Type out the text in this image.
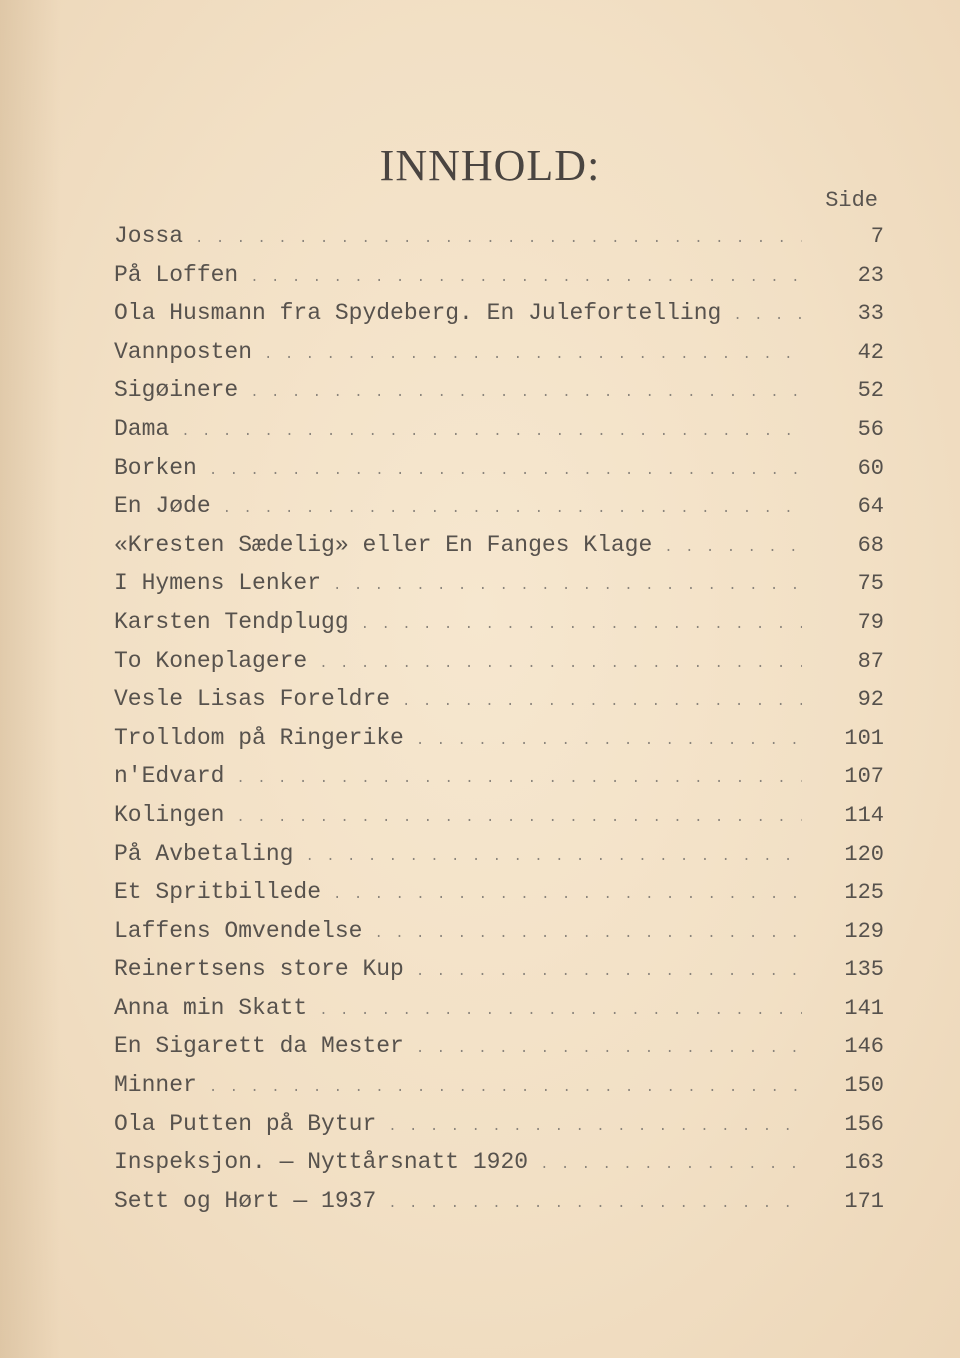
INNHOLD:
Side
Jossa . . .	7
På Loffen . . .	23
Ola Husmann fra Spydeberg. En Julefortelling . . .	33
Vannposten . . .	42
Sigøinere . . .	52
Dama . . .	56
Borken . . .	60
En Jøde . . .	64
«Kresten Sædelig» eller En Fanges Klage . . .	68
I Hymens Lenker . . .	75
Karsten Tendplugg . . .	79
To Koneplagere . . .	87
Vesle Lisas Foreldre . . .	92
Trolldom på Ringerike . . .	101
n'Edvard . . .	107
Kolingen . . .	114
På Avbetaling . . .	120
Et Spritbillede . . .	125
Laffens Omvendelse . . .	129
Reinertsens store Kup . . .	135
Anna min Skatt . . .	141
En Sigarett da Mester . . .	146
Minner . . .	150
Ola Putten på Bytur . . .	156
Inspeksjon. — Nyttårsnatt 1920 . . .	163
Sett og Hørt — 1937 . . .	171
